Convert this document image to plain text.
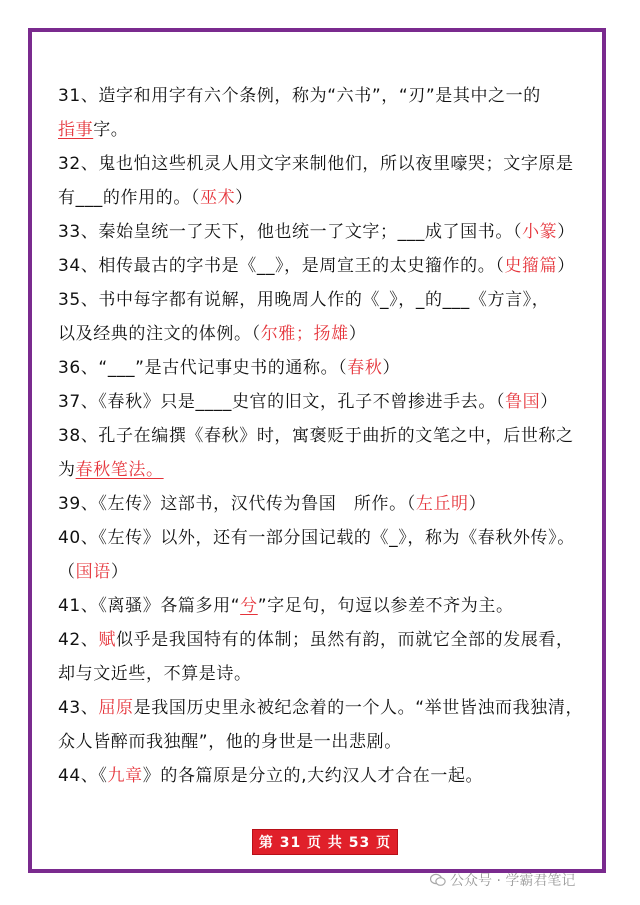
31、造字和用字有六个条例，称为“六书”，“刃”是其中之一的
指事字。
32、鬼也怕这些机灵人用文字来制他们，所以夜里嚎哭；文字原是
有___的作用的。（巫术）
33、秦始皇统一了天下，他也统一了文字；___成了国书。（小篆）
34、相传最古的字书是《__》，是周宣王的太史籀作的。（史籀篇）
35、书中每字都有说解，用晚周人作的《_》，_的___《方言》，
以及经典的注文的体例。（尔雅；扬雄）
36、“___”是古代记事史书的通称。（春秋）
37、《春秋》只是____史官的旧文，孔子不曾掺进手去。（鲁国）
38、孔子在编撰《春秋》时，寓褒贬于曲折的文笔之中，后世称之
为春秋笔法。
39、《左传》这部书，汉代传为鲁国　所作。（左丘明）
40、《左传》以外，还有一部分国记载的《_》，称为《春秋外传》。
（国语）
41、《离骚》各篇多用“兮”字足句，句逗以参差不齐为主。
42、赋似乎是我国特有的体制；虽然有韵，而就它全部的发展看，
却与文近些，不算是诗。
43、屈原是我国历史里永被纪念着的一个人。“举世皆浊而我独清，
众人皆醉而我独醒”，他的身世是一出悲剧。
44、《九章》的各篇原是分立的,大约汉人才合在一起。
第 31 页 共 53 页
公众号 · 学霸君笔记
